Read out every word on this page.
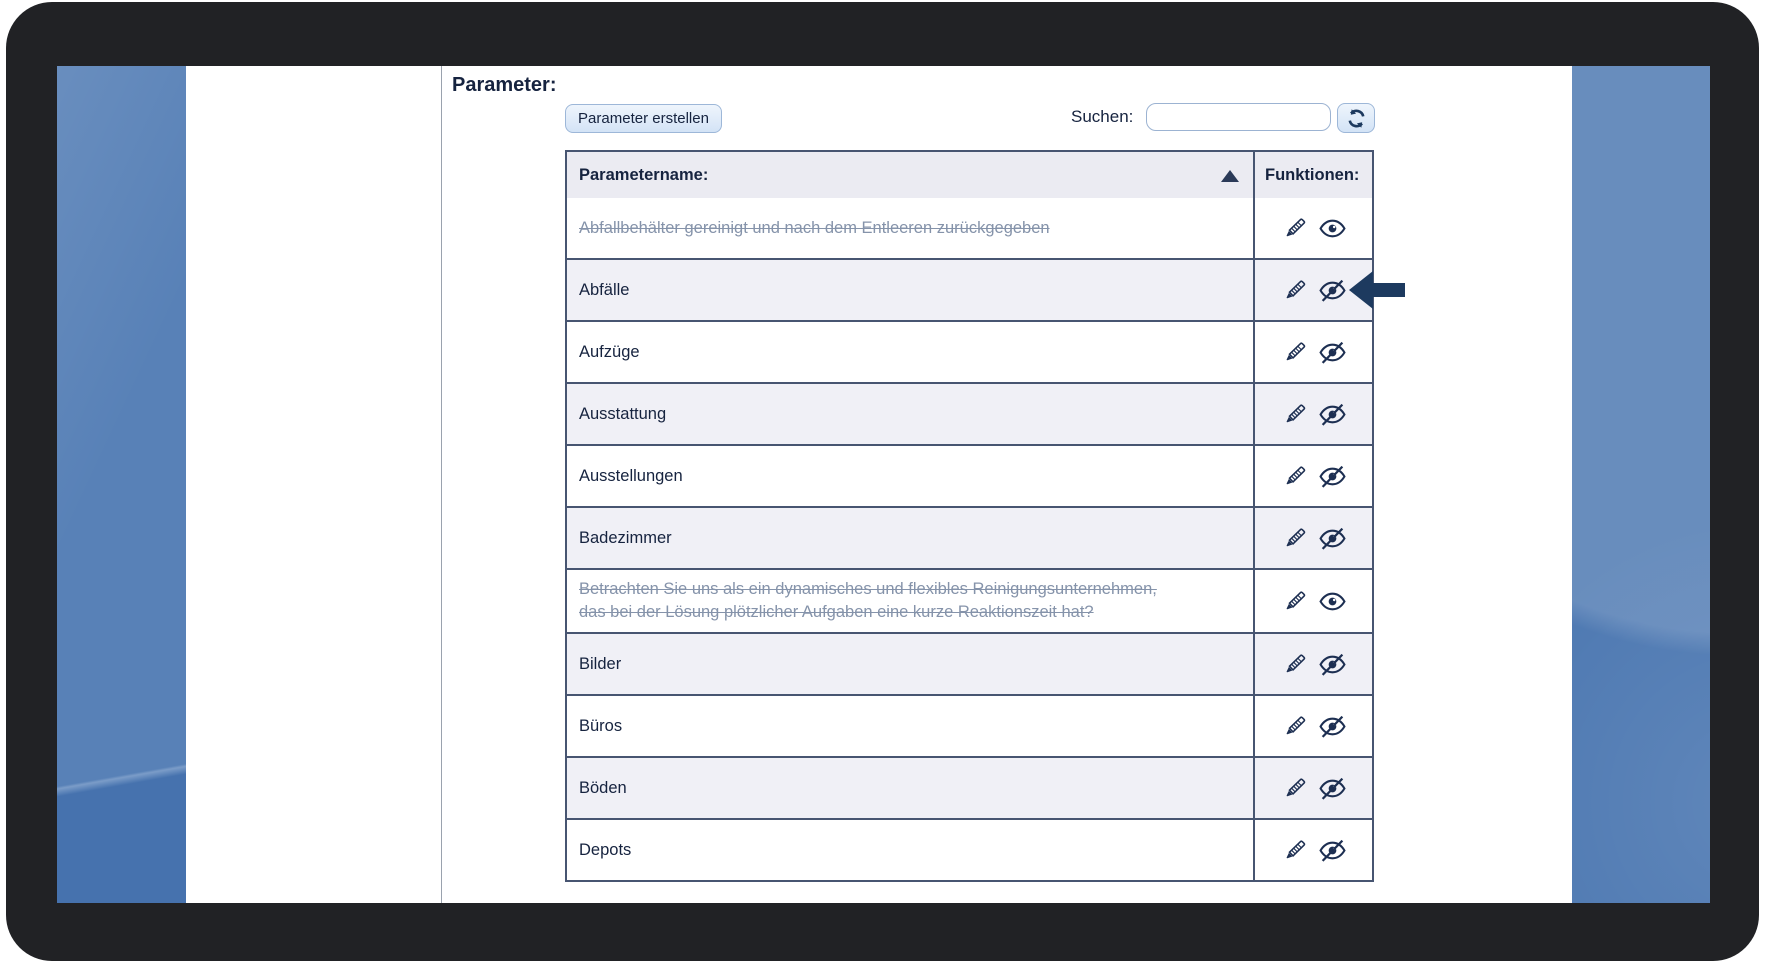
Parameter:
Parameter erstellen	Suchen:
Parametername:	Funktionen:
Abfallbehälter gereinigt und nach dem Entleeren zurückgegeben
Abfälle
Aufzüge
Ausstattung
Ausstellungen
Badezimmer
Betrachten Sie uns als ein dynamisches und flexibles Reinigungsunternehmen, das bei der Lösung plötzlicher Aufgaben eine kurze Reaktionszeit hat?
Bilder
Büros
Böden
Depots
